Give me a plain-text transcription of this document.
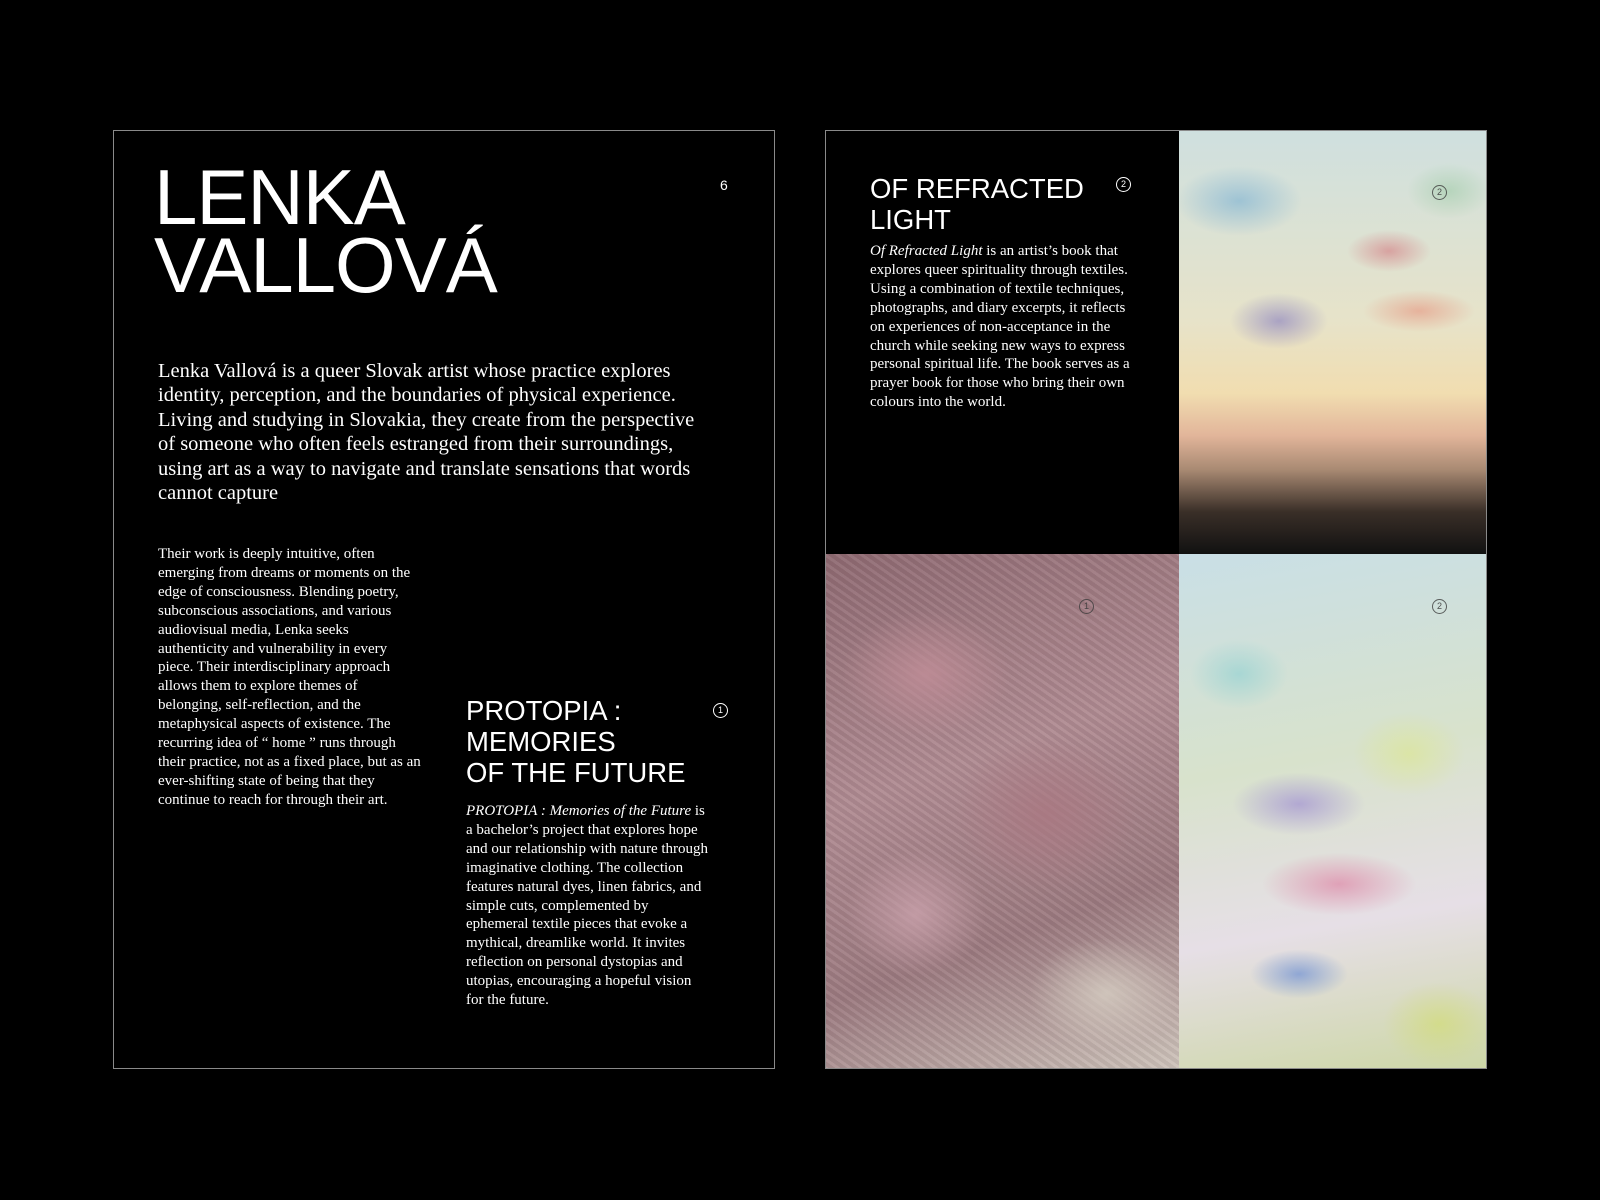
LENKA
VALLOVÁ
6

Lenka Vallová is a queer Slovak artist whose practice explores identity, perception, and the boundaries of physical experience. Living and studying in Slovakia, they create from the perspective of someone who often feels estranged from their surroundings, using art as a way to navigate and translate sensations that words cannot capture

Their work is deeply intuitive, often emerging from dreams or moments on the edge of consciousness. Blending poetry, subconscious associations, and various audiovisual media, Lenka seeks authenticity and vulnerability in every piece. Their interdisciplinary approach allows them to explore themes of belonging, self-reflection, and the metaphysical aspects of existence. The recurring idea of “ home ” runs through their practice, not as a fixed place, but as an ever-shifting state of being that they continue to reach for through their art.

PROTOPIA :
MEMORIES
OF THE FUTURE
1

PROTOPIA : Memories of the Future is a bachelor’s project that explores hope and our relationship with nature through imaginative clothing. The collection features natural dyes, linen fabrics, and simple cuts, complemented by ephemeral textile pieces that evoke a mythical, dreamlike world. It invites reflection on personal dystopias and utopias, encouraging a hopeful vision for the future.

OF REFRACTED
LIGHT
2

Of Refracted Light is an artist’s book that explores queer spirituality through textiles. Using a combination of textile techniques, photographs, and diary excerpts, it reflects on experiences of non-acceptance in the church while seeking new ways to express personal spiritual life. The book serves as a prayer book for those who bring their own colours into the world.

2
1	2
